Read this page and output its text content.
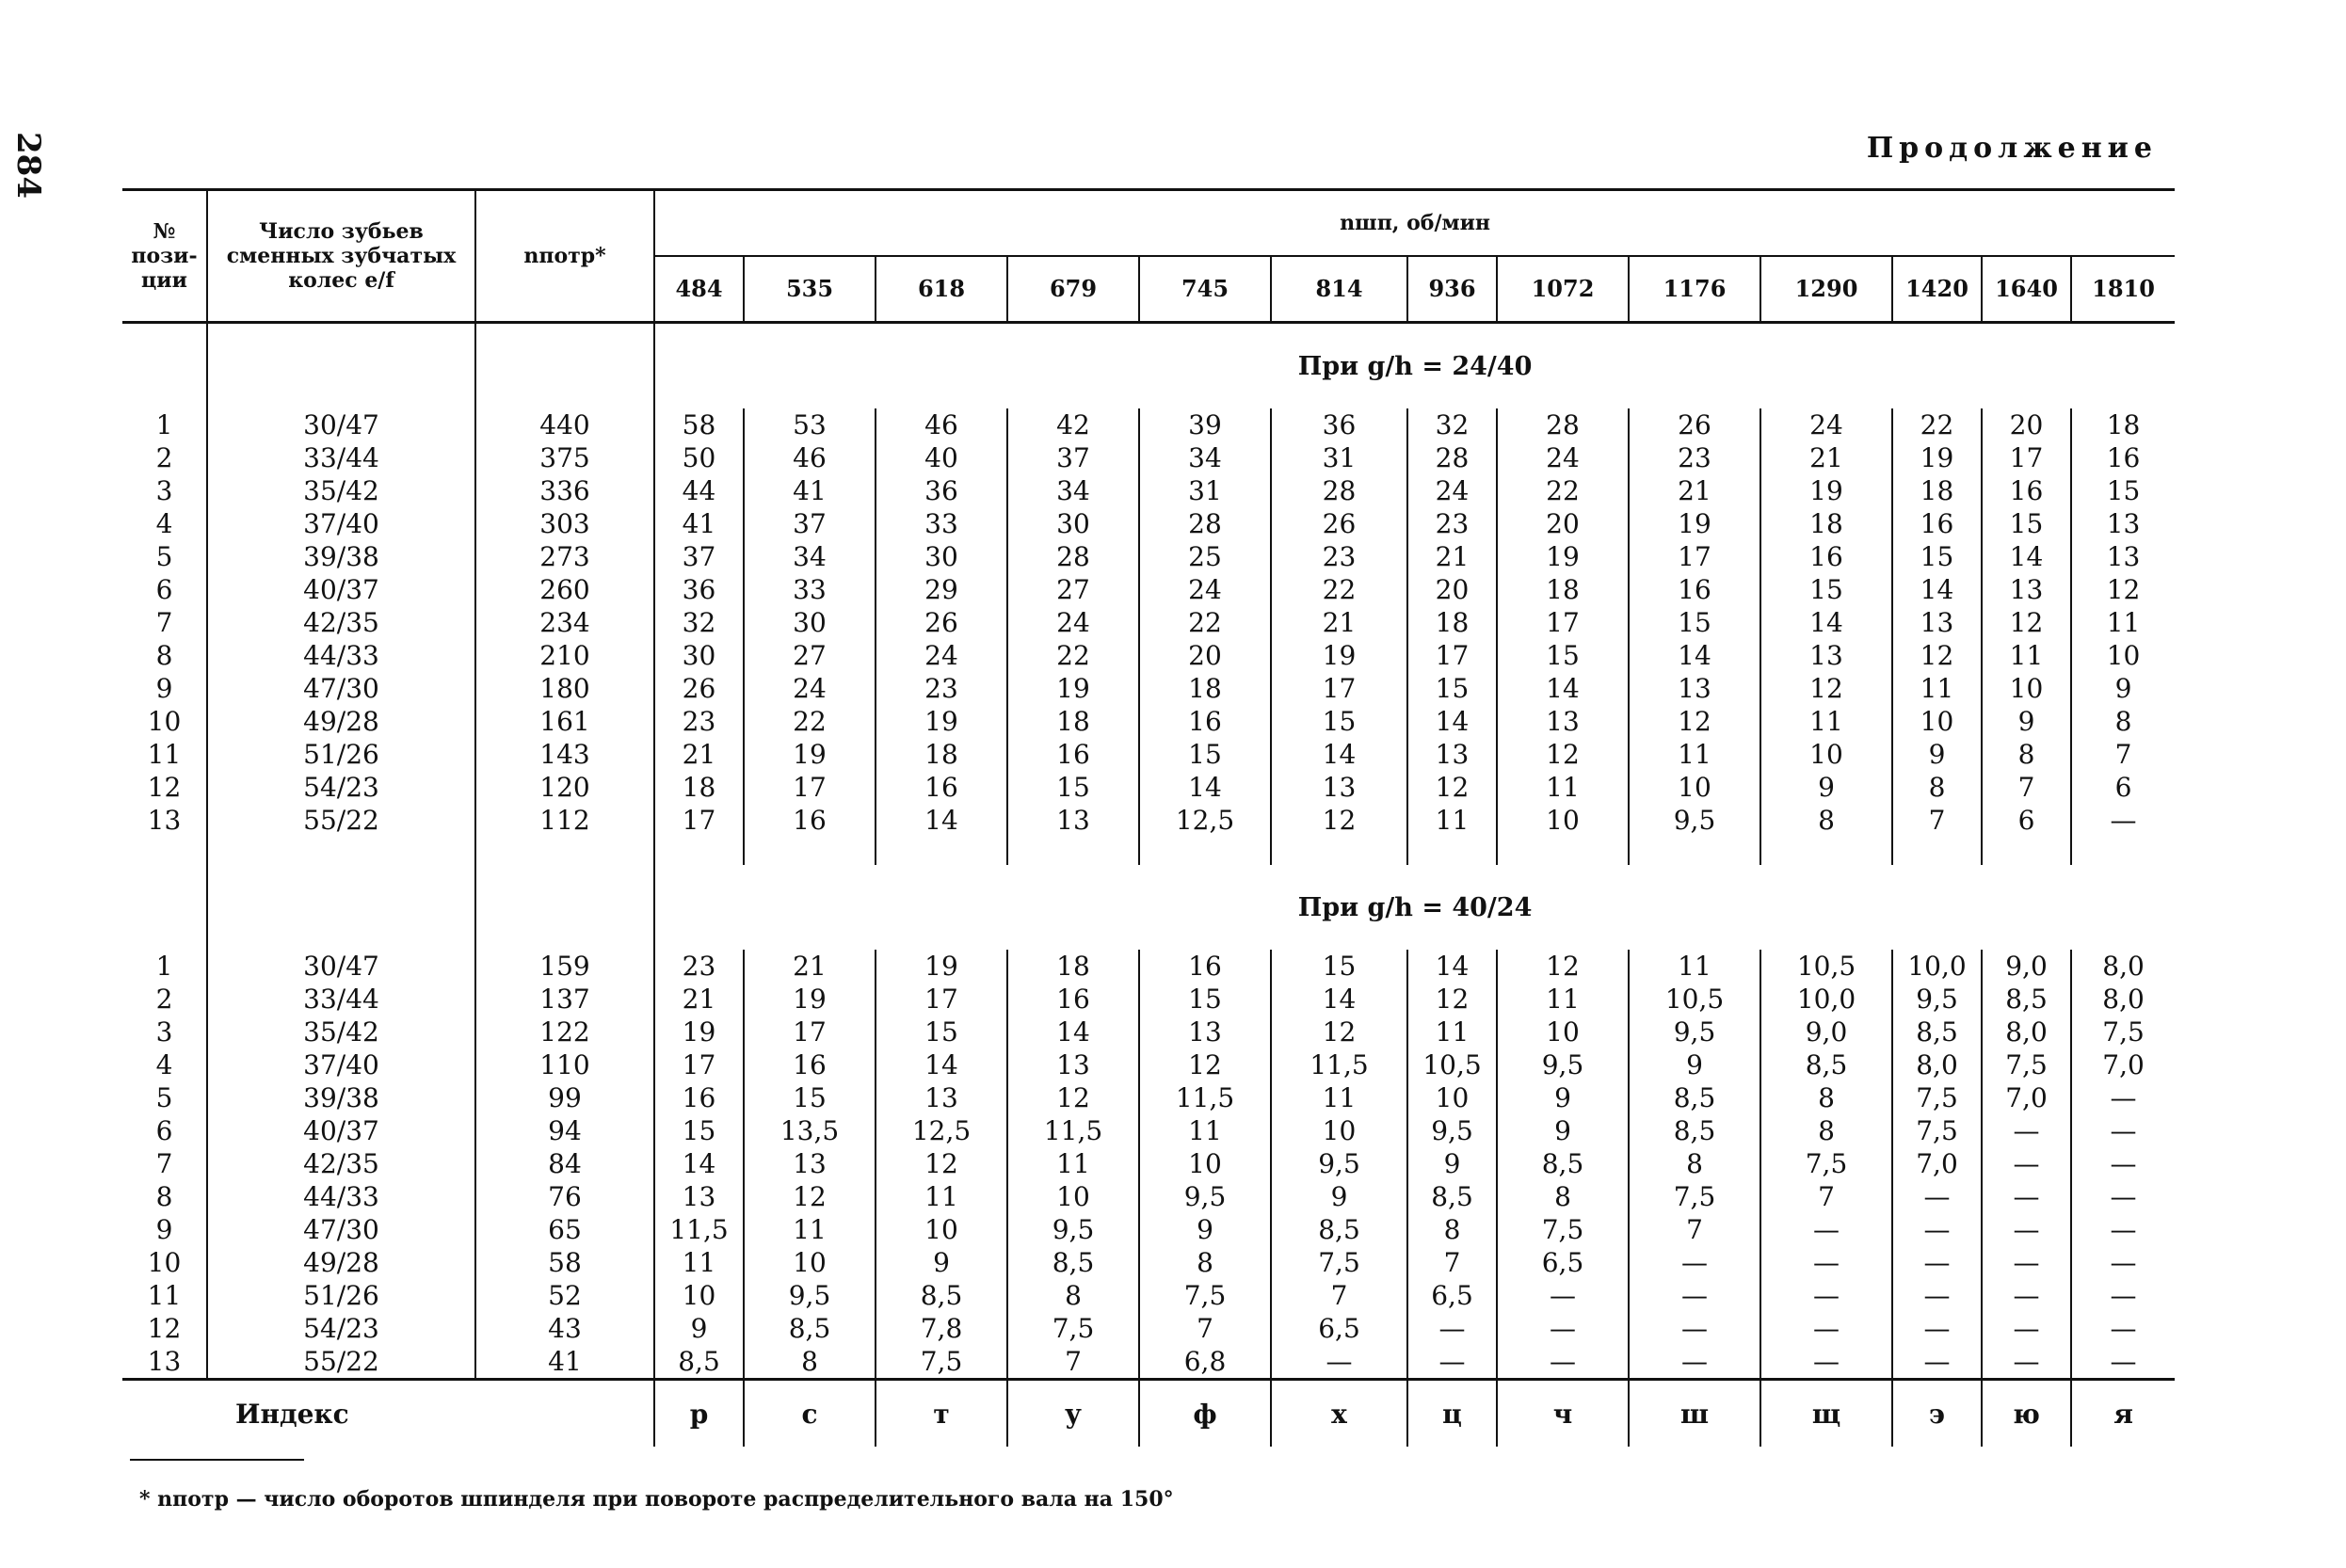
284	Продолжение
№ пози-
ции	Число зубьев
сменных зубчатых
колес e/f	nпотр*	nшп, об/мин												
			484	535	618	679	745	814	936	1072	1176	1290	1420	1640	1810
			При g/h = 24/40												
1	30/47	440	58	53	46	42	39	36	32	28	26	24	22	20	18
2	33/44	375	50	46	40	37	34	31	28	24	23	21	19	17	16
3	35/42	336	44	41	36	34	31	28	24	22	21	19	18	16	15
4	37/40	303	41	37	33	30	28	26	23	20	19	18	16	15	13
5	39/38	273	37	34	30	28	25	23	21	19	17	16	15	14	13
6	40/37	260	36	33	29	27	24	22	20	18	16	15	14	13	12
7	42/35	234	32	30	26	24	22	21	18	17	15	14	13	12	11
8	44/33	210	30	27	24	22	20	19	17	15	14	13	12	11	10
9	47/30	180	26	24	23	19	18	17	15	14	13	12	11	10	9
10	49/28	161	23	22	19	18	16	15	14	13	12	11	10	9	8
11	51/26	143	21	19	18	16	15	14	13	12	11	10	9	8	7
12	54/23	120	18	17	16	15	14	13	12	11	10	9	8	7	6
13	55/22	112	17	16	14	13	12,5	12	11	10	9,5	8	7	6	—

			При g/h = 40/24												
1	30/47	159	23	21	19	18	16	15	14	12	11	10,5	10,0	9,0	8,0
2	33/44	137	21	19	17	16	15	14	12	11	10,5	10,0	9,5	8,5	8,0
3	35/42	122	19	17	15	14	13	12	11	10	9,5	9,0	8,5	8,0	7,5
4	37/40	110	17	16	14	13	12	11,5	10,5	9,5	9	8,5	8,0	7,5	7,0
5	39/38	99	16	15	13	12	11,5	11	10	9	8,5	8	7,5	7,0	—
6	40/37	94	15	13,5	12,5	11,5	11	10	9,5	9	8,5	8	7,5	—	—
7	42/35	84	14	13	12	11	10	9,5	9	8,5	8	7,5	7,0	—	—
8	44/33	76	13	12	11	10	9,5	9	8,5	8	7,5	7	—	—	—
9	47/30	65	11,5	11	10	9,5	9	8,5	8	7,5	7	—	—	—	—
10	49/28	58	11	10	9	8,5	8	7,5	7	6,5	—	—	—	—	—
11	51/26	52	10	9,5	8,5	8	7,5	7	6,5	—	—	—	—	—	—
12	54/23	43	9	8,5	7,8	7,5	7	6,5	—	—	—	—	—	—	—
13	55/22	41	8,5	8	7,5	7	6,8	—	—	—	—	—	—	—	—
Индекс			р	с	т	у	ф	х	ц	ч	ш	щ	э	ю	я
* nпотр — число оборотов шпинделя при повороте распределительного вала на 150°
